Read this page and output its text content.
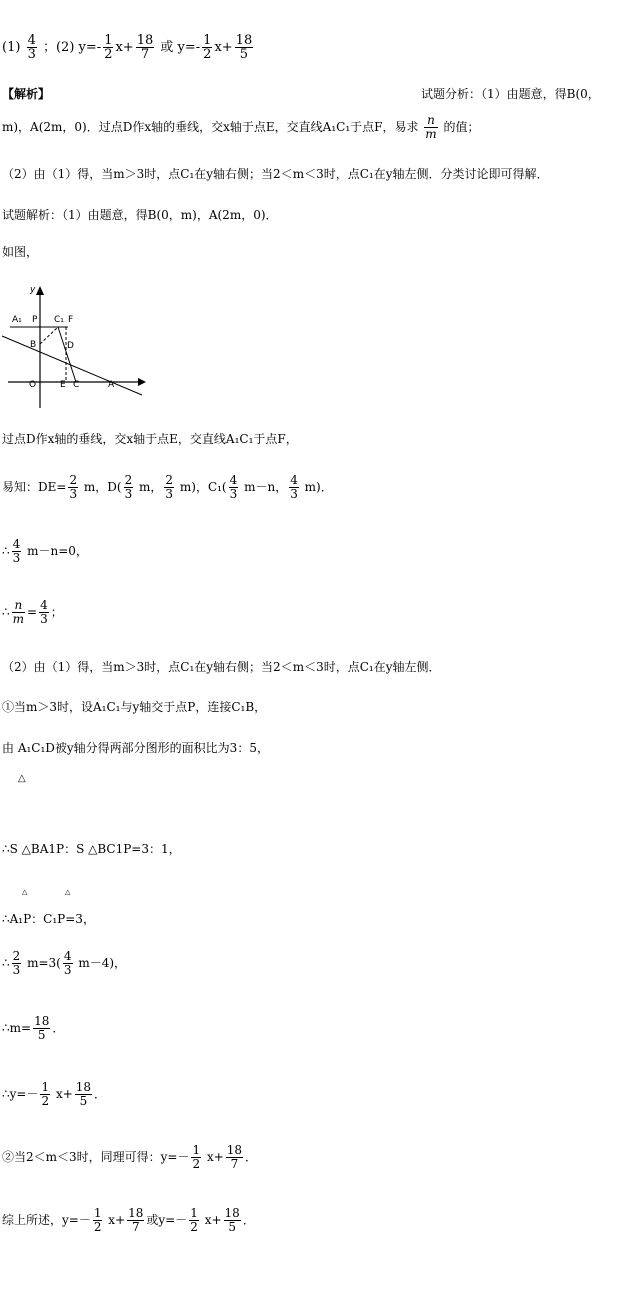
$(1) \frac{4}{3}$ ；(2) $y=- \frac{1}{2} x+ \frac{18}{7}$ 或 $y=- \frac{1}{2} x+ \frac{18}{5}$
【解析】	试题分析：（1）由题意，得B(0，
m)，A(2m，0)．过点D作x轴的垂线，交x轴于点E，交直线A₁C₁于点F，易求 $\frac{n}{m}$ 的值；
（2）由（1）得，当m＞3时，点C₁在y轴右侧；当2＜m＜3时，点C₁在y轴左侧．分类讨论即可得解．
试题解析：（1）由题意，得B(0，m)，A(2m，0)．
如图，
y
A₁ P C₁ F
B	D
O	E C	A
过点D作x轴的垂线，交x轴于点E，交直线A₁C₁于点F，
易知：$DE= \frac{2}{3}$ m，$D( \frac{2}{3}$ m， $\frac{2}{3} m$)，$C_1( \frac{4}{3} m-n$， $\frac{4}{3} m$)．
∴ $\frac{4}{3} m-n=0$，
∴ $\frac{n}{m} = \frac{4}{3}$ ；
（2）由（1）得，当m＞3时，点C₁在y轴右侧；当2＜m＜3时，点C₁在y轴左侧．
①当m＞3时，设A₁C₁与y轴交于点P，连接C₁B，
由 A₁C₁D被y轴分得两部分图形的面积比为3：5，
△
∴S △BA1P：S △BC1P=3：1，
△	△
∴A₁P：C₁P=3，
∴ $\frac{2}{3} m=3( \frac{4}{3} m-4)$，
∴m= $\frac{18}{5}$ ．
∴y=－ $\frac{1}{2} x+ \frac{18}{5}$ ．
②当2＜m＜3时，同理可得：$y=- \frac{1}{2} x+ \frac{18}{7}$ ．
综上所述，$y=- \frac{1}{2} x+ \frac{18}{7}$ 或$y=- \frac{1}{2} x+ \frac{18}{5}$ ．
